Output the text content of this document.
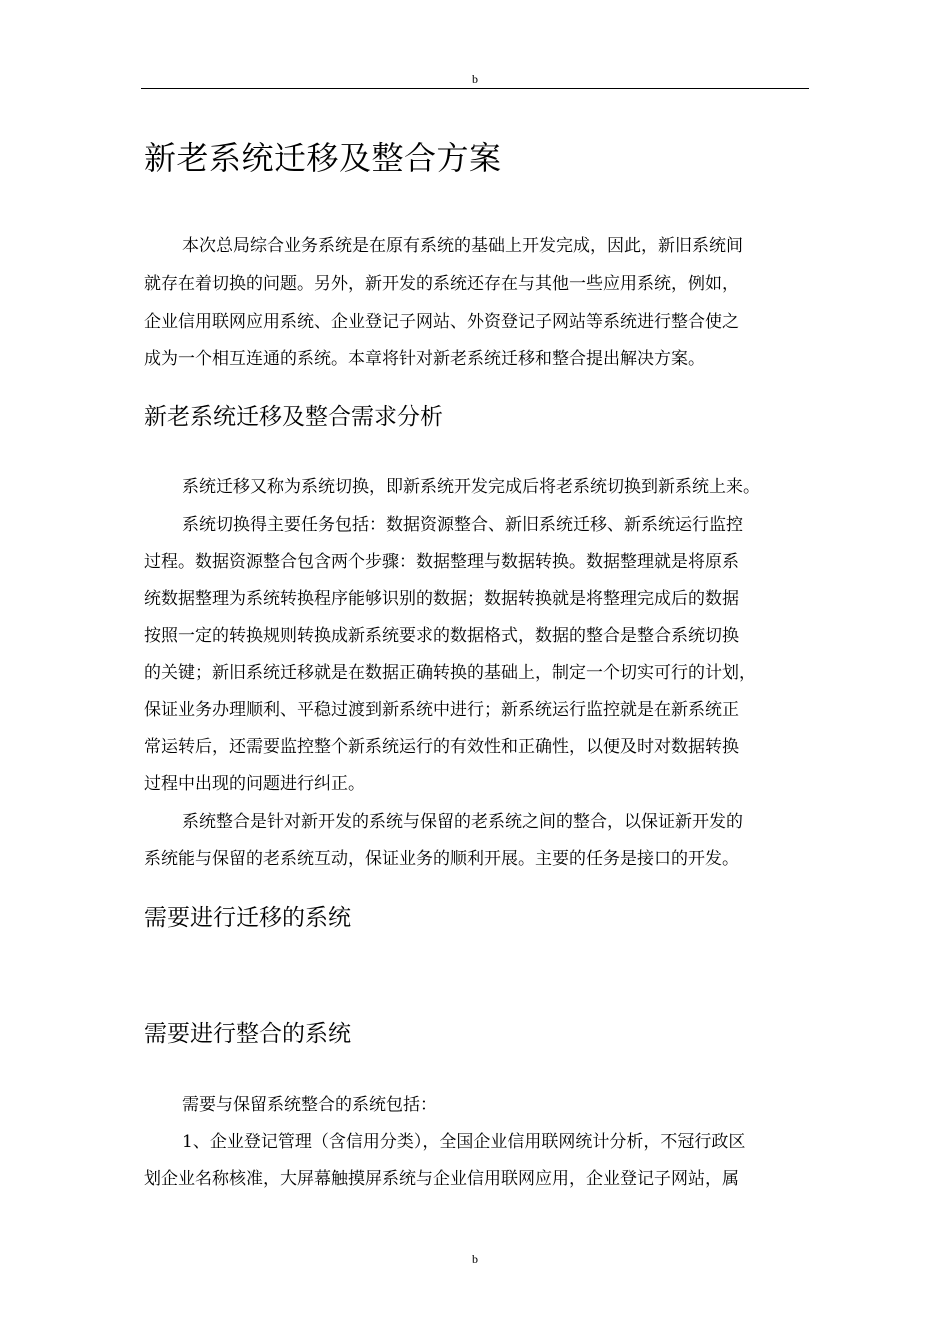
b
新老系统迁移及整合方案
本次总局综合业务系统是在原有系统的基础上开发完成，因此，新旧系统间
就存在着切换的问题。另外，新开发的系统还存在与其他一些应用系统，例如，
企业信用联网应用系统、企业登记子网站、外资登记子网站等系统进行整合使之
成为一个相互连通的系统。本章将针对新老系统迁移和整合提出解决方案。
新老系统迁移及整合需求分析
系统迁移又称为系统切换，即新系统开发完成后将老系统切换到新系统上来。
系统切换得主要任务包括：数据资源整合、新旧系统迁移、新系统运行监控
过程。数据资源整合包含两个步骤：数据整理与数据转换。数据整理就是将原系
统数据整理为系统转换程序能够识别的数据；数据转换就是将整理完成后的数据
按照一定的转换规则转换成新系统要求的数据格式，数据的整合是整合系统切换
的关键；新旧系统迁移就是在数据正确转换的基础上，制定一个切实可行的计划，
保证业务办理顺利、平稳过渡到新系统中进行；新系统运行监控就是在新系统正
常运转后，还需要监控整个新系统运行的有效性和正确性，以便及时对数据转换
过程中出现的问题进行纠正。
系统整合是针对新开发的系统与保留的老系统之间的整合，以保证新开发的
系统能与保留的老系统互动，保证业务的顺利开展。主要的任务是接口的开发。
需要进行迁移的系统
需要进行整合的系统
需要与保留系统整合的系统包括：
1、企业登记管理（含信用分类），全国企业信用联网统计分析，不冠行政区
划企业名称核准，大屏幕触摸屏系统与企业信用联网应用，企业登记子网站，属
b
